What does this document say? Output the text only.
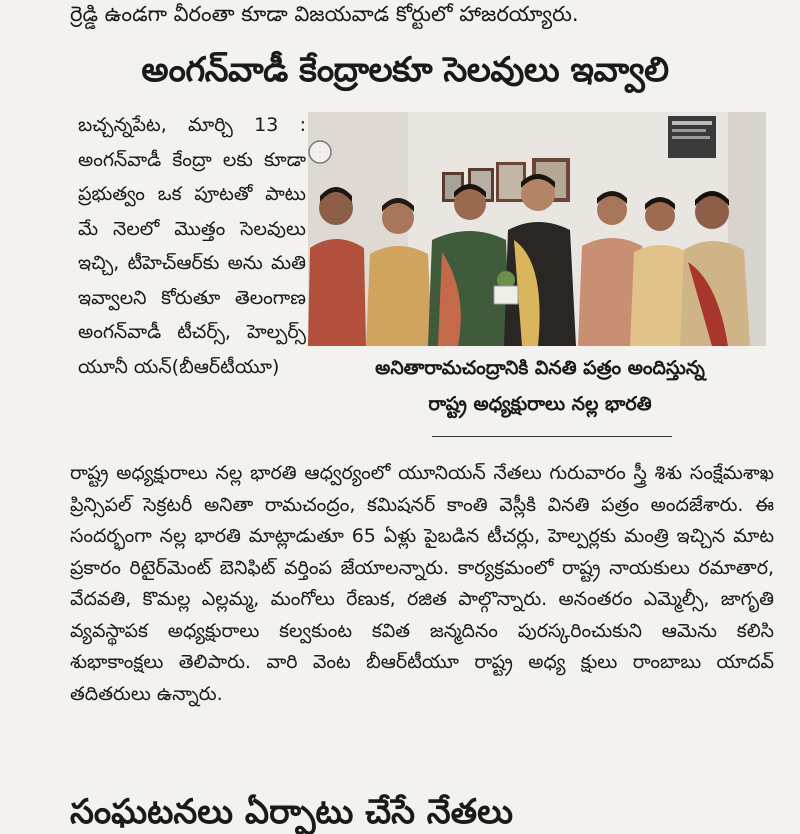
ర్రెడ్డి ఉండగా వీరంతా కూడా విజయవాడ కోర్టులో హాజరయ్యారు.
అంగన్‌వాడీ కేంద్రాలకూ సెలవులు ఇవ్వాలి

బచ్చన్నపేట, మార్చి 13 : అంగన్‌వాడీ కేంద్రా లకు కూడా ప్రభుత్వం ఒక పూటతో పాటు మే నెలలో మొత్తం సెలవులు ఇచ్చి, టీహెచ్ఆర్‌కు అను మతి ఇవ్వాలని కోరుతూ తెలంగాణ అంగన్‌వాడీ టీచర్స్, హెల్పర్స్ యూనీ యన్(బీఆర్‌టీయూ)	అనితారామచంద్రానికి వినతి పత్రం అందిస్తున్న
రాష్ట్ర అధ్యక్షురాలు నల్ల భారతి

రాష్ట్ర అధ్యక్షురాలు నల్ల భారతి ఆధ్వర్యంలో యూనియన్ నేతలు గురువారం స్త్రీ శిశు సంక్షేమశాఖ ప్రిన్సిపల్ సెక్రటరీ అనితా రామచంద్రం, కమిషనర్ కాంతి వెస్లీకి వినతి పత్రం అందజేశారు. ఈ సందర్భంగా నల్ల భారతి మాట్లాడుతూ 65 ఏళ్లు పైబడిన టీచర్లు, హెల్పర్లకు మంత్రి ఇచ్చిన మాట ప్రకారం రిటైర్‌మెంట్ బెనిఫిట్ వర్తింప జేయాలన్నారు. కార్యక్రమంలో రాష్ట్ర నాయకులు రమాతార, వేదవతి, కొమల్ల ఎల్లమ్మ, మంగోలు రేణుక, రజిత పాల్గొన్నారు. అనంతరం ఎమ్మెల్సీ, జాగృతి వ్యవస్థాపక అధ్యక్షురాలు కల్వకుంట కవిత జన్మదినం పురస్కరించుకుని ఆమెను కలిసి శుభాకాంక్షలు తెలిపారు. వారి వెంట బీఆర్‌టీయూ రాష్ట్ర అధ్య క్షులు రాంబాబు యాదవ్ తదితరులు ఉన్నారు.

సంఘటనలు ఏర్పాటు చేసే నేతలు
